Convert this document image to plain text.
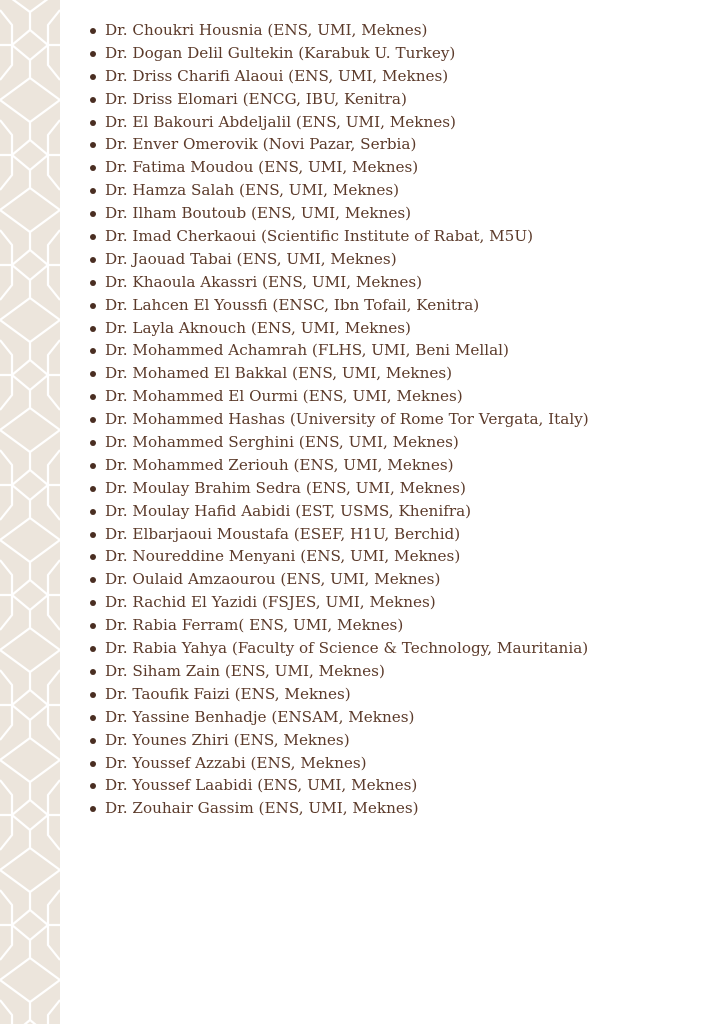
Dr. Choukri Housnia (ENS, UMI, Meknes)
Dr. Dogan Delil Gultekin (Karabuk U. Turkey)
Dr. Driss Charifi Alaoui (ENS, UMI, Meknes)
Dr. Driss Elomari (ENCG, IBU, Kenitra)
Dr. El Bakouri Abdeljalil (ENS, UMI, Meknes)
Dr. Enver Omerovik (Novi Pazar, Serbia)
Dr. Fatima Moudou (ENS, UMI, Meknes)
Dr. Hamza Salah (ENS, UMI, Meknes)
Dr. Ilham Boutoub (ENS, UMI, Meknes)
Dr. Imad Cherkaoui (Scientific Institute of Rabat, M5U)
Dr. Jaouad Tabai (ENS, UMI, Meknes)
Dr. Khaoula Akassri (ENS, UMI, Meknes)
Dr. Lahcen El Youssfi (ENSC, Ibn Tofail, Kenitra)
Dr. Layla Aknouch (ENS, UMI, Meknes)
Dr. Mohammed Achamrah (FLHS, UMI, Beni Mellal)
Dr. Mohamed El Bakkal (ENS, UMI, Meknes)
Dr. Mohammed El Ourmi (ENS, UMI, Meknes)
Dr. Mohammed Hashas (University of Rome Tor Vergata, Italy)
Dr. Mohammed Serghini (ENS, UMI, Meknes)
Dr. Mohammed Zeriouh (ENS, UMI, Meknes)
Dr. Moulay Brahim Sedra (ENS, UMI, Meknes)
Dr. Moulay Hafid Aabidi (EST, USMS, Khenifra)
Dr. Elbarjaoui Moustafa (ESEF, H1U, Berchid)
Dr. Noureddine Menyani (ENS, UMI, Meknes)
Dr. Oulaid Amzaourou (ENS, UMI, Meknes)
Dr. Rachid El Yazidi (FSJES, UMI, Meknes)
Dr. Rabia Ferram( ENS, UMI, Meknes)
Dr. Rabia Yahya (Faculty of Science & Technology, Mauritania)
Dr. Siham Zain (ENS, UMI, Meknes)
Dr. Taoufik Faizi (ENS, Meknes)
Dr. Yassine Benhadje (ENSAM, Meknes)
Dr. Younes Zhiri (ENS, Meknes)
Dr. Youssef Azzabi (ENS, Meknes)
Dr. Youssef Laabidi (ENS, UMI, Meknes)
Dr. Zouhair Gassim (ENS, UMI, Meknes)
